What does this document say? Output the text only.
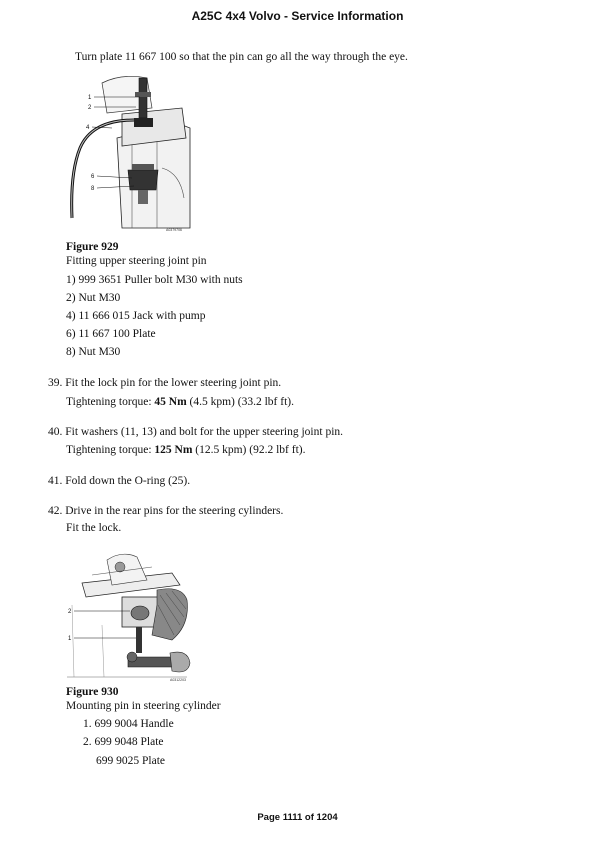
A25C 4x4 Volvo - Service Information
Turn plate 11 667 100 so that the pin can go all the way through the eye.
1
2
4
6
8
A0379706
Figure 929
Fitting upper steering joint pin
1) 999 3651 Puller bolt M30 with nuts
2) Nut M30
4) 11 666 015 Jack with pump
6) 11 667 100 Plate
8) Nut M30
39. Fit the lock pin for the lower steering joint pin.
Tightening torque: 45 Nm (4.5 kpm) (33.2 lbf ft).
40. Fit washers (11, 13) and bolt for the upper steering joint pin.
Tightening torque: 125 Nm (12.5 kpm) (92.2 lbf ft).
41. Fold down the O-ring (25).
42. Drive in the rear pins for the steering cylinders.
Fit the lock.
2
1
A0312203
Figure 930
Mounting pin in steering cylinder
1. 699 9004 Handle
2. 699 9048 Plate
699 9025 Plate
Page 1111 of 1204
